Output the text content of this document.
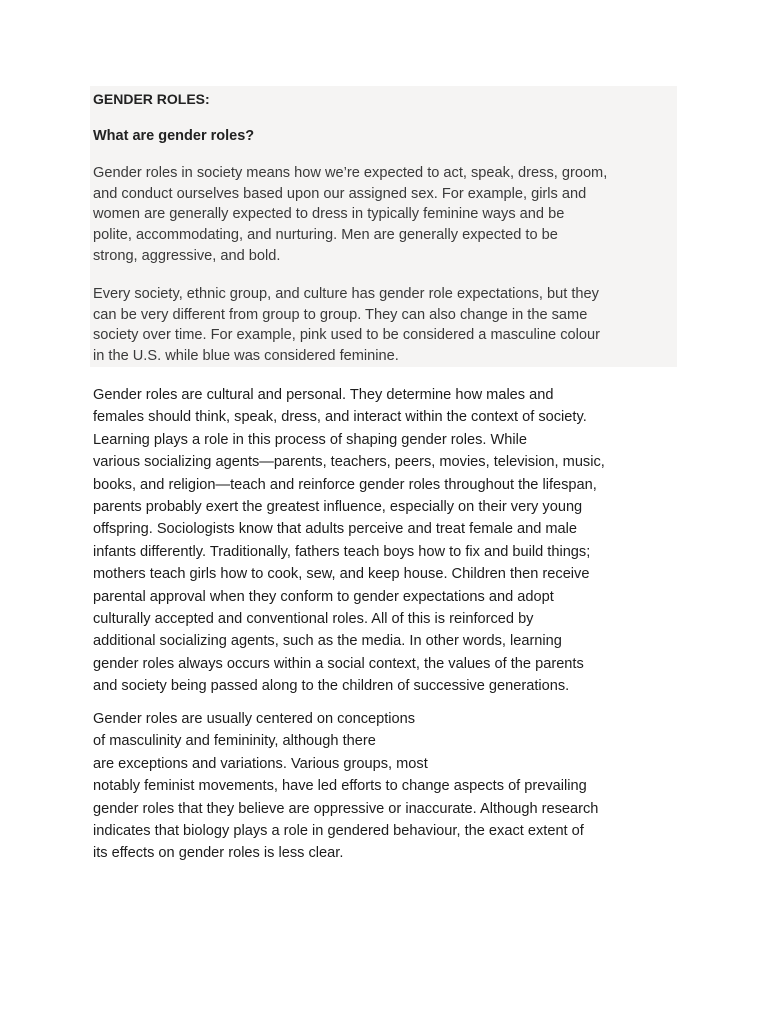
GENDER ROLES:
What are gender roles?
Gender roles in society means how we’re expected to act, speak, dress, groom,
and conduct ourselves based upon our assigned sex. For example, girls and
women are generally expected to dress in typically feminine ways and be
polite, accommodating, and nurturing. Men are generally expected to be
strong, aggressive, and bold.
Every society, ethnic group, and culture has gender role expectations, but they
can be very different from group to group. They can also change in the same
society over time. For example, pink used to be considered a masculine colour
in the U.S. while blue was considered feminine.
Gender roles are cultural and personal. They determine how males and
females should think, speak, dress, and interact within the context of society.
Learning plays a role in this process of shaping gender roles. While
various socializing agents—parents, teachers, peers, movies, television, music,
books, and religion—teach and reinforce gender roles throughout the lifespan,
parents probably exert the greatest influence, especially on their very young
offspring. Sociologists know that adults perceive and treat female and male
infants differently. Traditionally, fathers teach boys how to fix and build things;
mothers teach girls how to cook, sew, and keep house. Children then receive
parental approval when they conform to gender expectations and adopt
culturally accepted and conventional roles. All of this is reinforced by
additional socializing agents, such as the media. In other words, learning
gender roles always occurs within a social context, the values of the parents
and society being passed along to the children of successive generations.
Gender roles are usually centered on conceptions
of masculinity and femininity, although there
are exceptions and variations. Various groups, most
notably feminist movements, have led efforts to change aspects of prevailing
gender roles that they believe are oppressive or inaccurate. Although research
indicates that biology plays a role in gendered behaviour, the exact extent of
its effects on gender roles is less clear.
